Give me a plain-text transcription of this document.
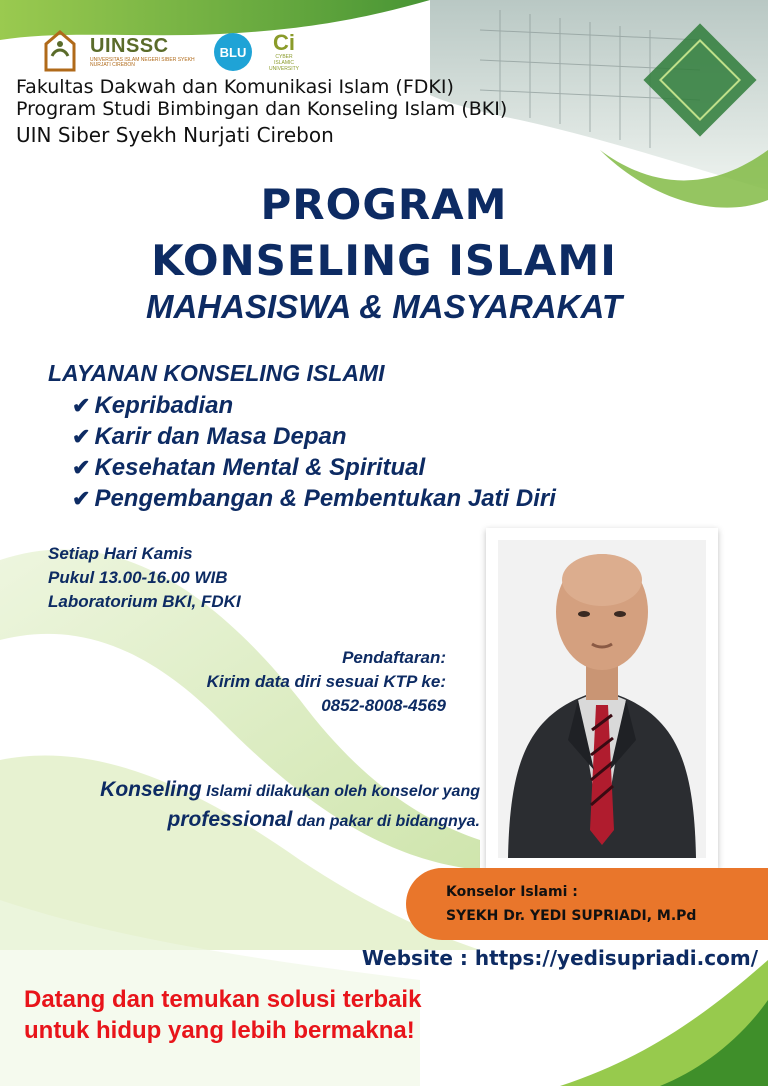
UINSSC
UNIVERSITAS ISLAM NEGERI SIBER SYEKH NURJATI CIREBON
BLU Ci
CYBER ISLAMIC UNIVERSITY
Fakultas Dakwah dan Komunikasi Islam (FDKI)
Program Studi Bimbingan dan Konseling Islam (BKI)
UIN Siber Syekh Nurjati Cirebon
PROGRAM
KONSELING ISLAMI
MAHASISWA & MASYARAKAT
LAYANAN KONSELING ISLAMI
✔ Kepribadian
✔ Karir dan Masa Depan
✔ Kesehatan Mental & Spiritual
✔ Pengembangan & Pembentukan Jati Diri
Setiap Hari Kamis
Pukul 13.00-16.00 WIB
Laboratorium BKI, FDKI
Pendaftaran:
Kirim data diri sesuai KTP ke:
0852-8008-4569
Konseling Islami dilakukan oleh konselor yang
professional dan pakar di bidangnya.
Konselor Islami :
SYEKH Dr. YEDI SUPRIADI, M.Pd
Website : https://yedisupriadi.com/
Datang dan temukan solusi terbaik
untuk hidup yang lebih bermakna!
